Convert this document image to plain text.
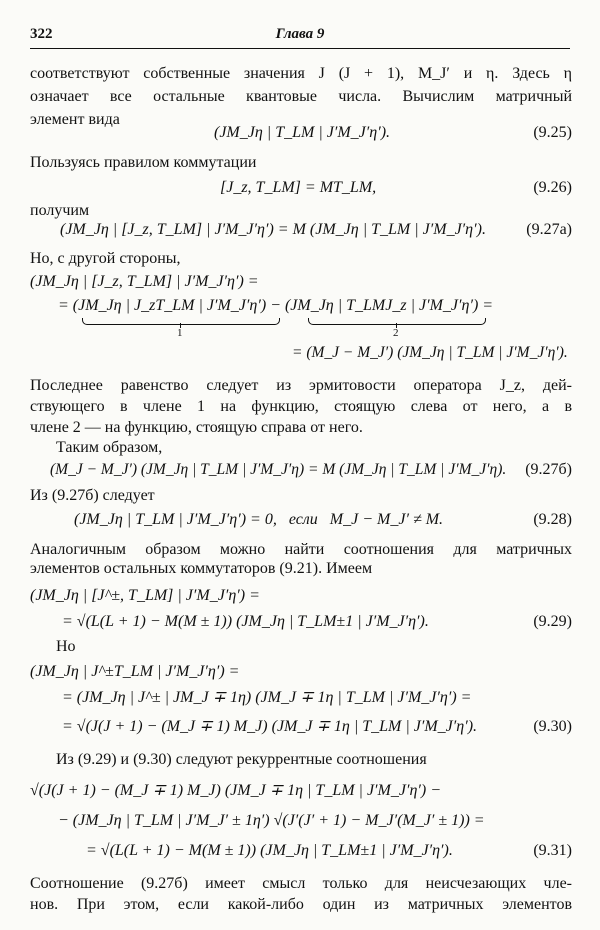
322	Глава 9
соответствуют собственные значения J (J + 1), M_J′ и η. Здесь η
означает все остальные квантовые числа. Вычислим матричный
элемент вида
(JM_Jη | T_LM | J′M_J′η′).	(9.25)
Пользуясь правилом коммутации
[J_z, T_LM] = MT_LM,	(9.26)
получим
(JM_Jη | [J_z, T_LM] | J′M_J′η′) = M (JM_Jη | T_LM | J′M_J′η′).	(9.27a)
Но, с другой стороны,
(JM_Jη | [J_z, T_LM] | J′M_J′η′) =
= (JM_Jη | J_zT_LM | J′M_J′η′) − (JM_Jη | T_LMJ_z | J′M_J′η′) =
1	2
= (M_J − M_J′) (JM_Jη | T_LM | J′M_J′η′).
Последнее равенство следует из эрмитовости оператора J_z, дей-
ствующего в члене 1 на функцию, стоящую слева от него, а в
члене 2 — на функцию, стоящую справа от него.
Таким образом,
(M_J − M_J′) (JM_Jη | T_LM | J′M_J′η) = M (JM_Jη | T_LM | J′M_J′η). (9.27б)
Из (9.27б) следует
(JM_Jη | T_LM | J′M_J′η′) = 0,   если   M_J − M_J′ ≠ M.	(9.28)
Аналогичным образом можно найти соотношения для матричных
элементов остальных коммутаторов (9.21). Имеем
(JM_Jη | [J^±, T_LM] | J′M_J′η′) =
= √(L(L + 1) − M(M ± 1)) (JM_Jη | T_LM±1 | J′M_J′η′).	(9.29)
Но
(JM_Jη | J^±T_LM | J′M_J′η′) =
= (JM_Jη | J^± | JM_J ∓ 1η) (JM_J ∓ 1η | T_LM | J′M_J′η′) =
= √(J(J + 1) − (M_J ∓ 1) M_J) (JM_J ∓ 1η | T_LM | J′M_J′η′).	(9.30)
Из (9.29) и (9.30) следуют рекуррентные соотношения
√(J(J + 1) − (M_J ∓ 1) M_J) (JM_J ∓ 1η | T_LM | J′M_J′η′) −
− (JM_Jη | T_LM | J′M_J′ ± 1η′) √(J′(J′ + 1) − M_J′(M_J′ ± 1)) =
= √(L(L + 1) − M(M ± 1)) (JM_Jη | T_LM±1 | J′M_J′η′).	(9.31)
Соотношение (9.27б) имеет смысл только для неисчезающих чле-
нов. При этом, если какой-либо один из матричных элементов
